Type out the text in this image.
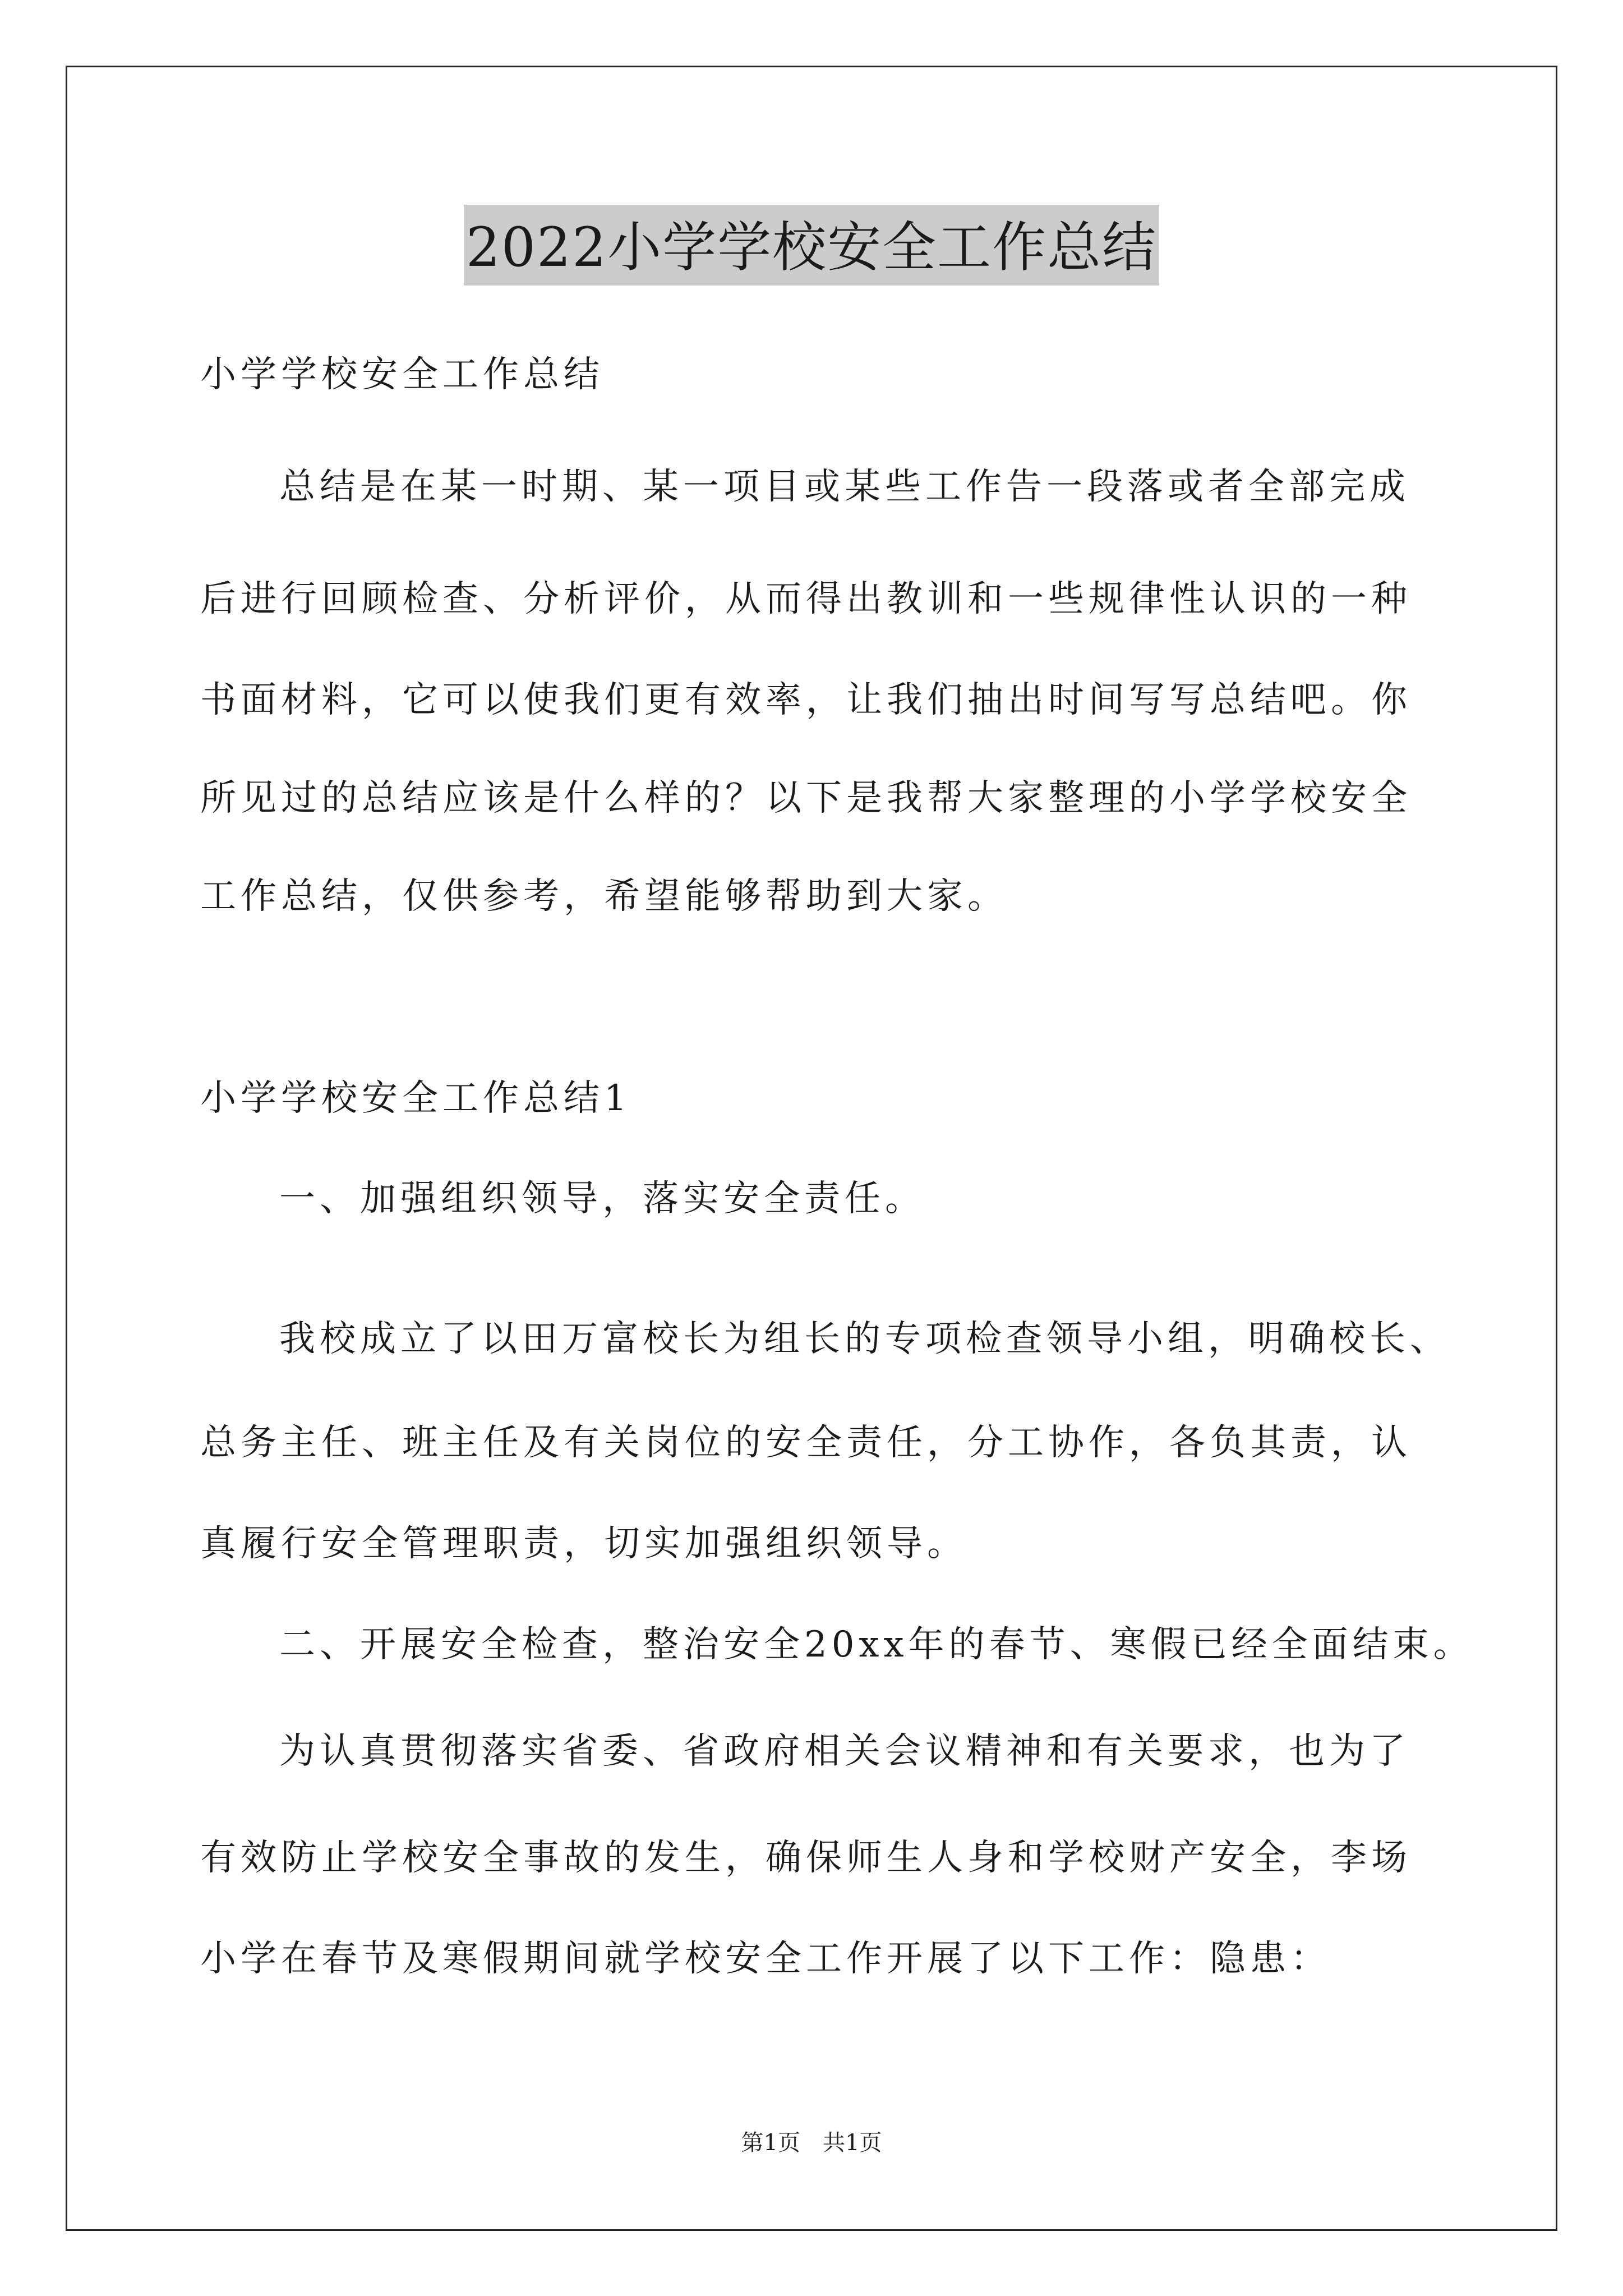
2022小学学校安全工作总结
小学学校安全工作总结
总结是在某一时期、某一项目或某些工作告一段落或者全部完成
后进行回顾检查、分析评价，从而得出教训和一些规律性认识的一种
书面材料，它可以使我们更有效率，让我们抽出时间写写总结吧。你
所见过的总结应该是什么样的？以下是我帮大家整理的小学学校安全
工作总结，仅供参考，希望能够帮助到大家。
小学学校安全工作总结1
一、加强组织领导，落实安全责任。
我校成立了以田万富校长为组长的专项检查领导小组，明确校长、
总务主任、班主任及有关岗位的安全责任，分工协作，各负其责，认
真履行安全管理职责，切实加强组织领导。
二、开展安全检查，整治安全20xx年的春节、寒假已经全面结束。
为认真贯彻落实省委、省政府相关会议精神和有关要求，也为了
有效防止学校安全事故的发生，确保师生人身和学校财产安全，李场
小学在春节及寒假期间就学校安全工作开展了以下工作：隐患：
第1页 共1页
